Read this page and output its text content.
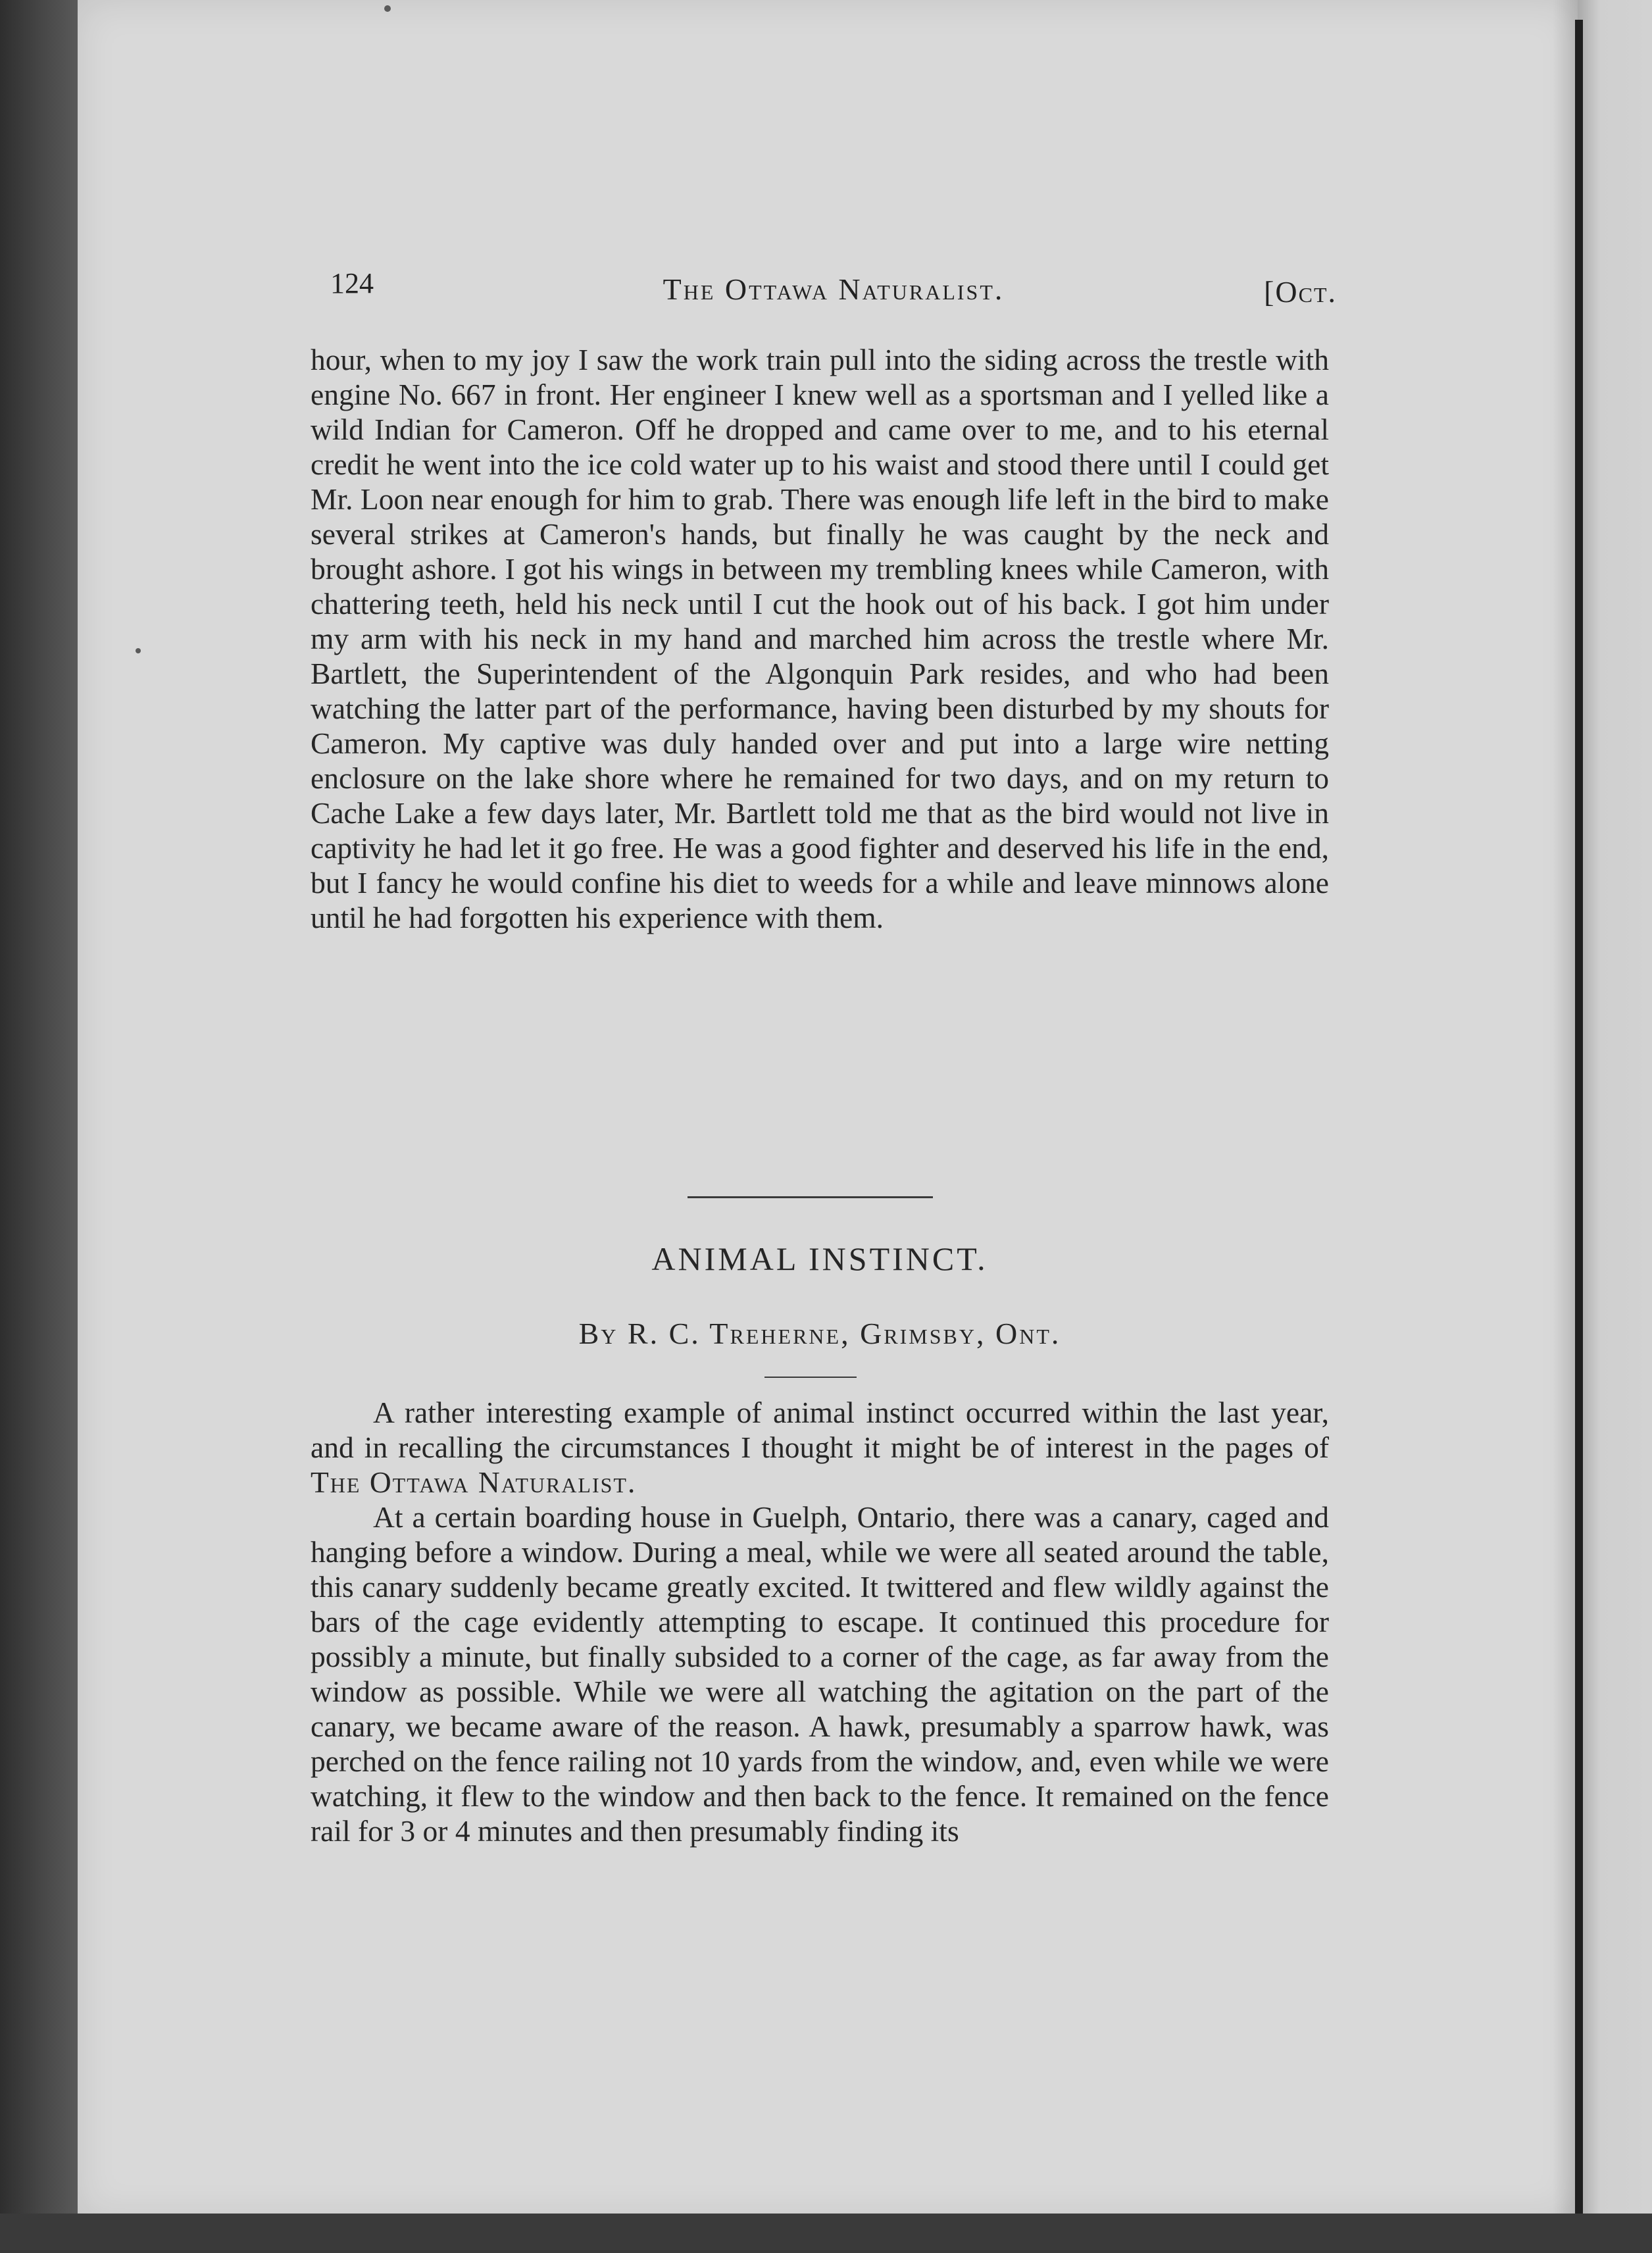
124	The Ottawa Naturalist.	[Oct.

hour, when to my joy I saw the work train pull into the siding across the trestle with engine No. 667 in front. Her engineer I knew well as a sportsman and I yelled like a wild Indian for Cameron. Off he dropped and came over to me, and to his eternal credit he went into the ice cold water up to his waist and stood there until I could get Mr. Loon near enough for him to grab. There was enough life left in the bird to make several strikes at Cameron's hands, but finally he was caught by the neck and brought ashore. I got his wings in between my trembling knees while Cameron, with chattering teeth, held his neck until I cut the hook out of his back. I got him under my arm with his neck in my hand and marched him across the trestle where Mr. Bartlett, the Superintendent of the Algonquin Park resides, and who had been watching the latter part of the performance, having been disturbed by my shouts for Cameron. My captive was duly handed over and put into a large wire netting enclosure on the lake shore where he remained for two days, and on my return to Cache Lake a few days later, Mr. Bartlett told me that as the bird would not live in captivity he had let it go free. He was a good fighter and deserved his life in the end, but I fancy he would confine his diet to weeds for a while and leave minnows alone until he had forgotten his experience with them.

ANIMAL INSTINCT.
By R. C. Treherne, Grimsby, Ont.

A rather interesting example of animal instinct occurred within the last year, and in recalling the circumstances I thought it might be of interest in the pages of The Ottawa Naturalist.

At a certain boarding house in Guelph, Ontario, there was a canary, caged and hanging before a window. During a meal, while we were all seated around the table, this canary suddenly became greatly excited. It twittered and flew wildly against the bars of the cage evidently attempting to escape. It continued this procedure for possibly a minute, but finally subsided to a corner of the cage, as far away from the window as possible. While we were all watching the agitation on the part of the canary, we became aware of the reason. A hawk, presumably a sparrow hawk, was perched on the fence railing not 10 yards from the window, and, even while we were watching, it flew to the window and then back to the fence. It remained on the fence rail for 3 or 4 minutes and then presumably finding its
